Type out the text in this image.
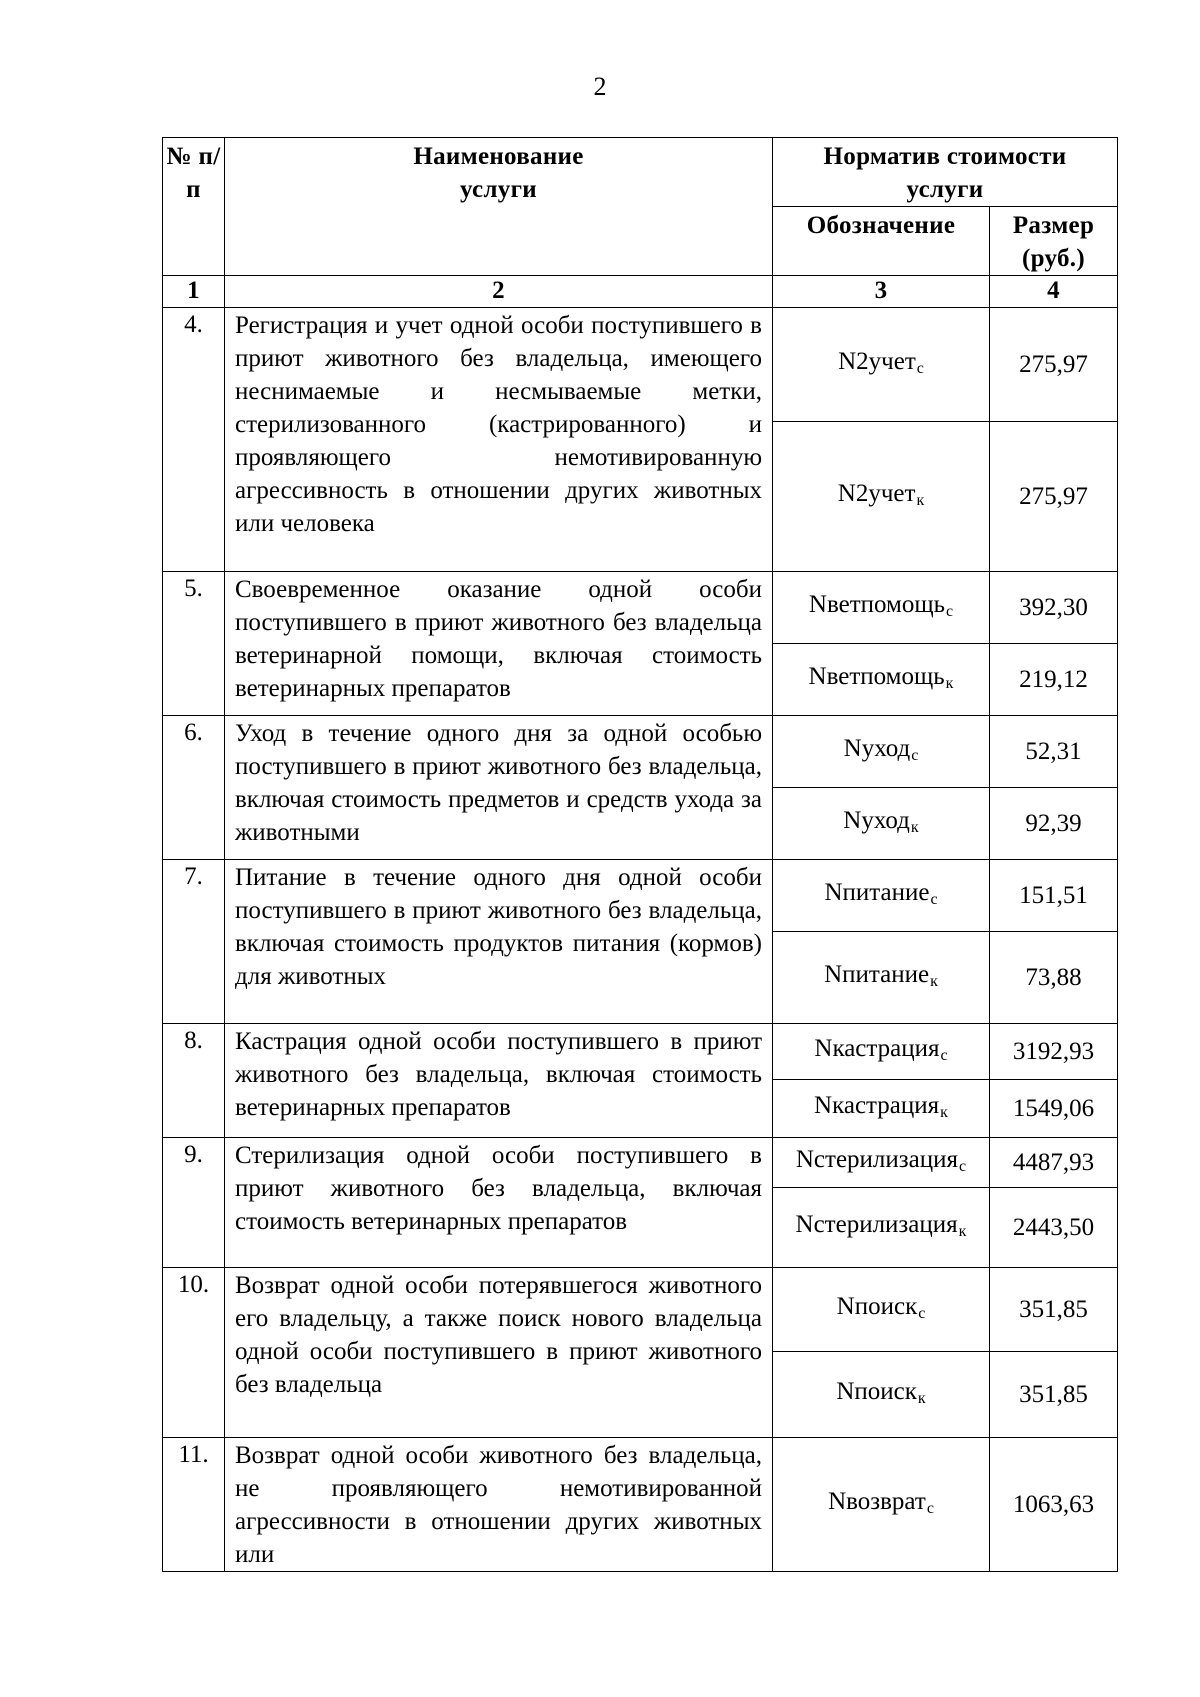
2
№ п/п	Наименование услуги	Норматив стоимости услуги	
		Обозначение	Размер (руб.)
1	2	3	4
4.	Регистрация и учет одной особи поступившего в приют животного без владельца, имеющего неснимаемые и несмываемые метки, стерилизованного (кастрированного) и проявляющего немотивированную агрессивность в отношении других животных или человека	N2учет$_с$	275,97
		N2учет$_к$	275,97
5.	Своевременное оказание одной особи поступившего в приют животного без владельца ветеринарной помощи, включая стоимость ветеринарных препаратов	Nветпомощь$_с$	392,30
		Nветпомощь$_к$	219,12
6.	Уход в течение одного дня за одной особью поступившего в приют животного без владельца, включая стоимость предметов и средств ухода за животными	Nуход$_с$	52,31
		Nуход$_к$	92,39
7.	Питание в течение одного дня одной особи поступившего в приют животного без владельца, включая стоимость продуктов питания (кормов) для животных	Nпитание$_с$	151,51
		Nпитание$_к$	73,88
8.	Кастрация одной особи поступившего в приют животного без владельца, включая стоимость ветеринарных препаратов	Nкастрация$_с$	3192,93
		Nкастрация$_к$	1549,06
9.	Стерилизация одной особи поступившего в приют животного без владельца, включая стоимость ветеринарных препаратов	Nстерилизация$_с$	4487,93
		Nстерилизация$_к$	2443,50
10.	Возврат одной особи потерявшегося животного его владельцу, а также поиск нового владельца одной особи поступившего в приют животного без владельца	Nпоиск$_с$	351,85
		Nпоиск$_к$	351,85
11.	Возврат одной особи животного без владельца, не проявляющего немотивированной агрессивности в отношении других животных или	Nвозврат$_с$	1063,63
